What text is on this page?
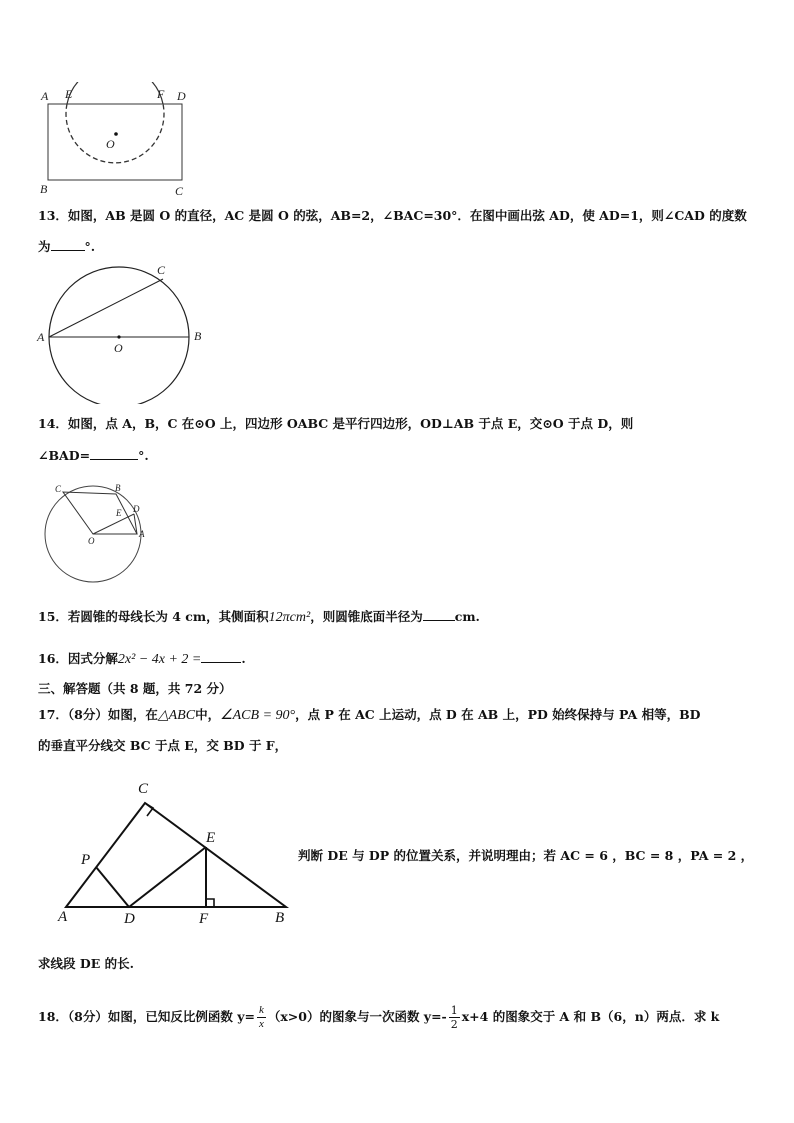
A E	F D
O
B	C
13．如图，AB 是圆 O 的直径，AC 是圆 O 的弦，AB=2，∠BAC=30°．在图中画出弦 AD，使 AD=1，则∠CAD 的度数
为	°.
A
O
B
C
14．如图，点 A，B，C 在⊙O 上，四边形 OABC 是平行四边形，OD⊥AB 于点 E，交⊙O 于点 D，则
∠BAD=	°.
C	B
E D
O
A
15．若圆锥的母线长为 4 cm，其侧面积12πcm²，则圆锥底面半径为	cm.
16．因式分解2x² − 4x + 2 =	.
三、解答题（共 8 题，共 72 分）
17．（8分）如图，在△ABC中，∠ACB = 90°，点 P 在 AC 上运动，点 D 在 AB 上，PD 始终保持与 PA 相等，BD
的垂直平分线交 BC 于点 E，交 BD 于 F，
C
P
E
A	D	F	B
判断 DE 与 DP 的位置关系，并说明理由；若 AC = 6 ，BC = 8 ，PA = 2 ，
求线段 DE 的长.
18．（8分）如图，已知反比例函数 $y= \frac{k}{x} (x>0)$的图象与一次函数 $y=- \frac{1}{2} x+4$ 的图象交于 A 和 B（6，n）两点．求 k
